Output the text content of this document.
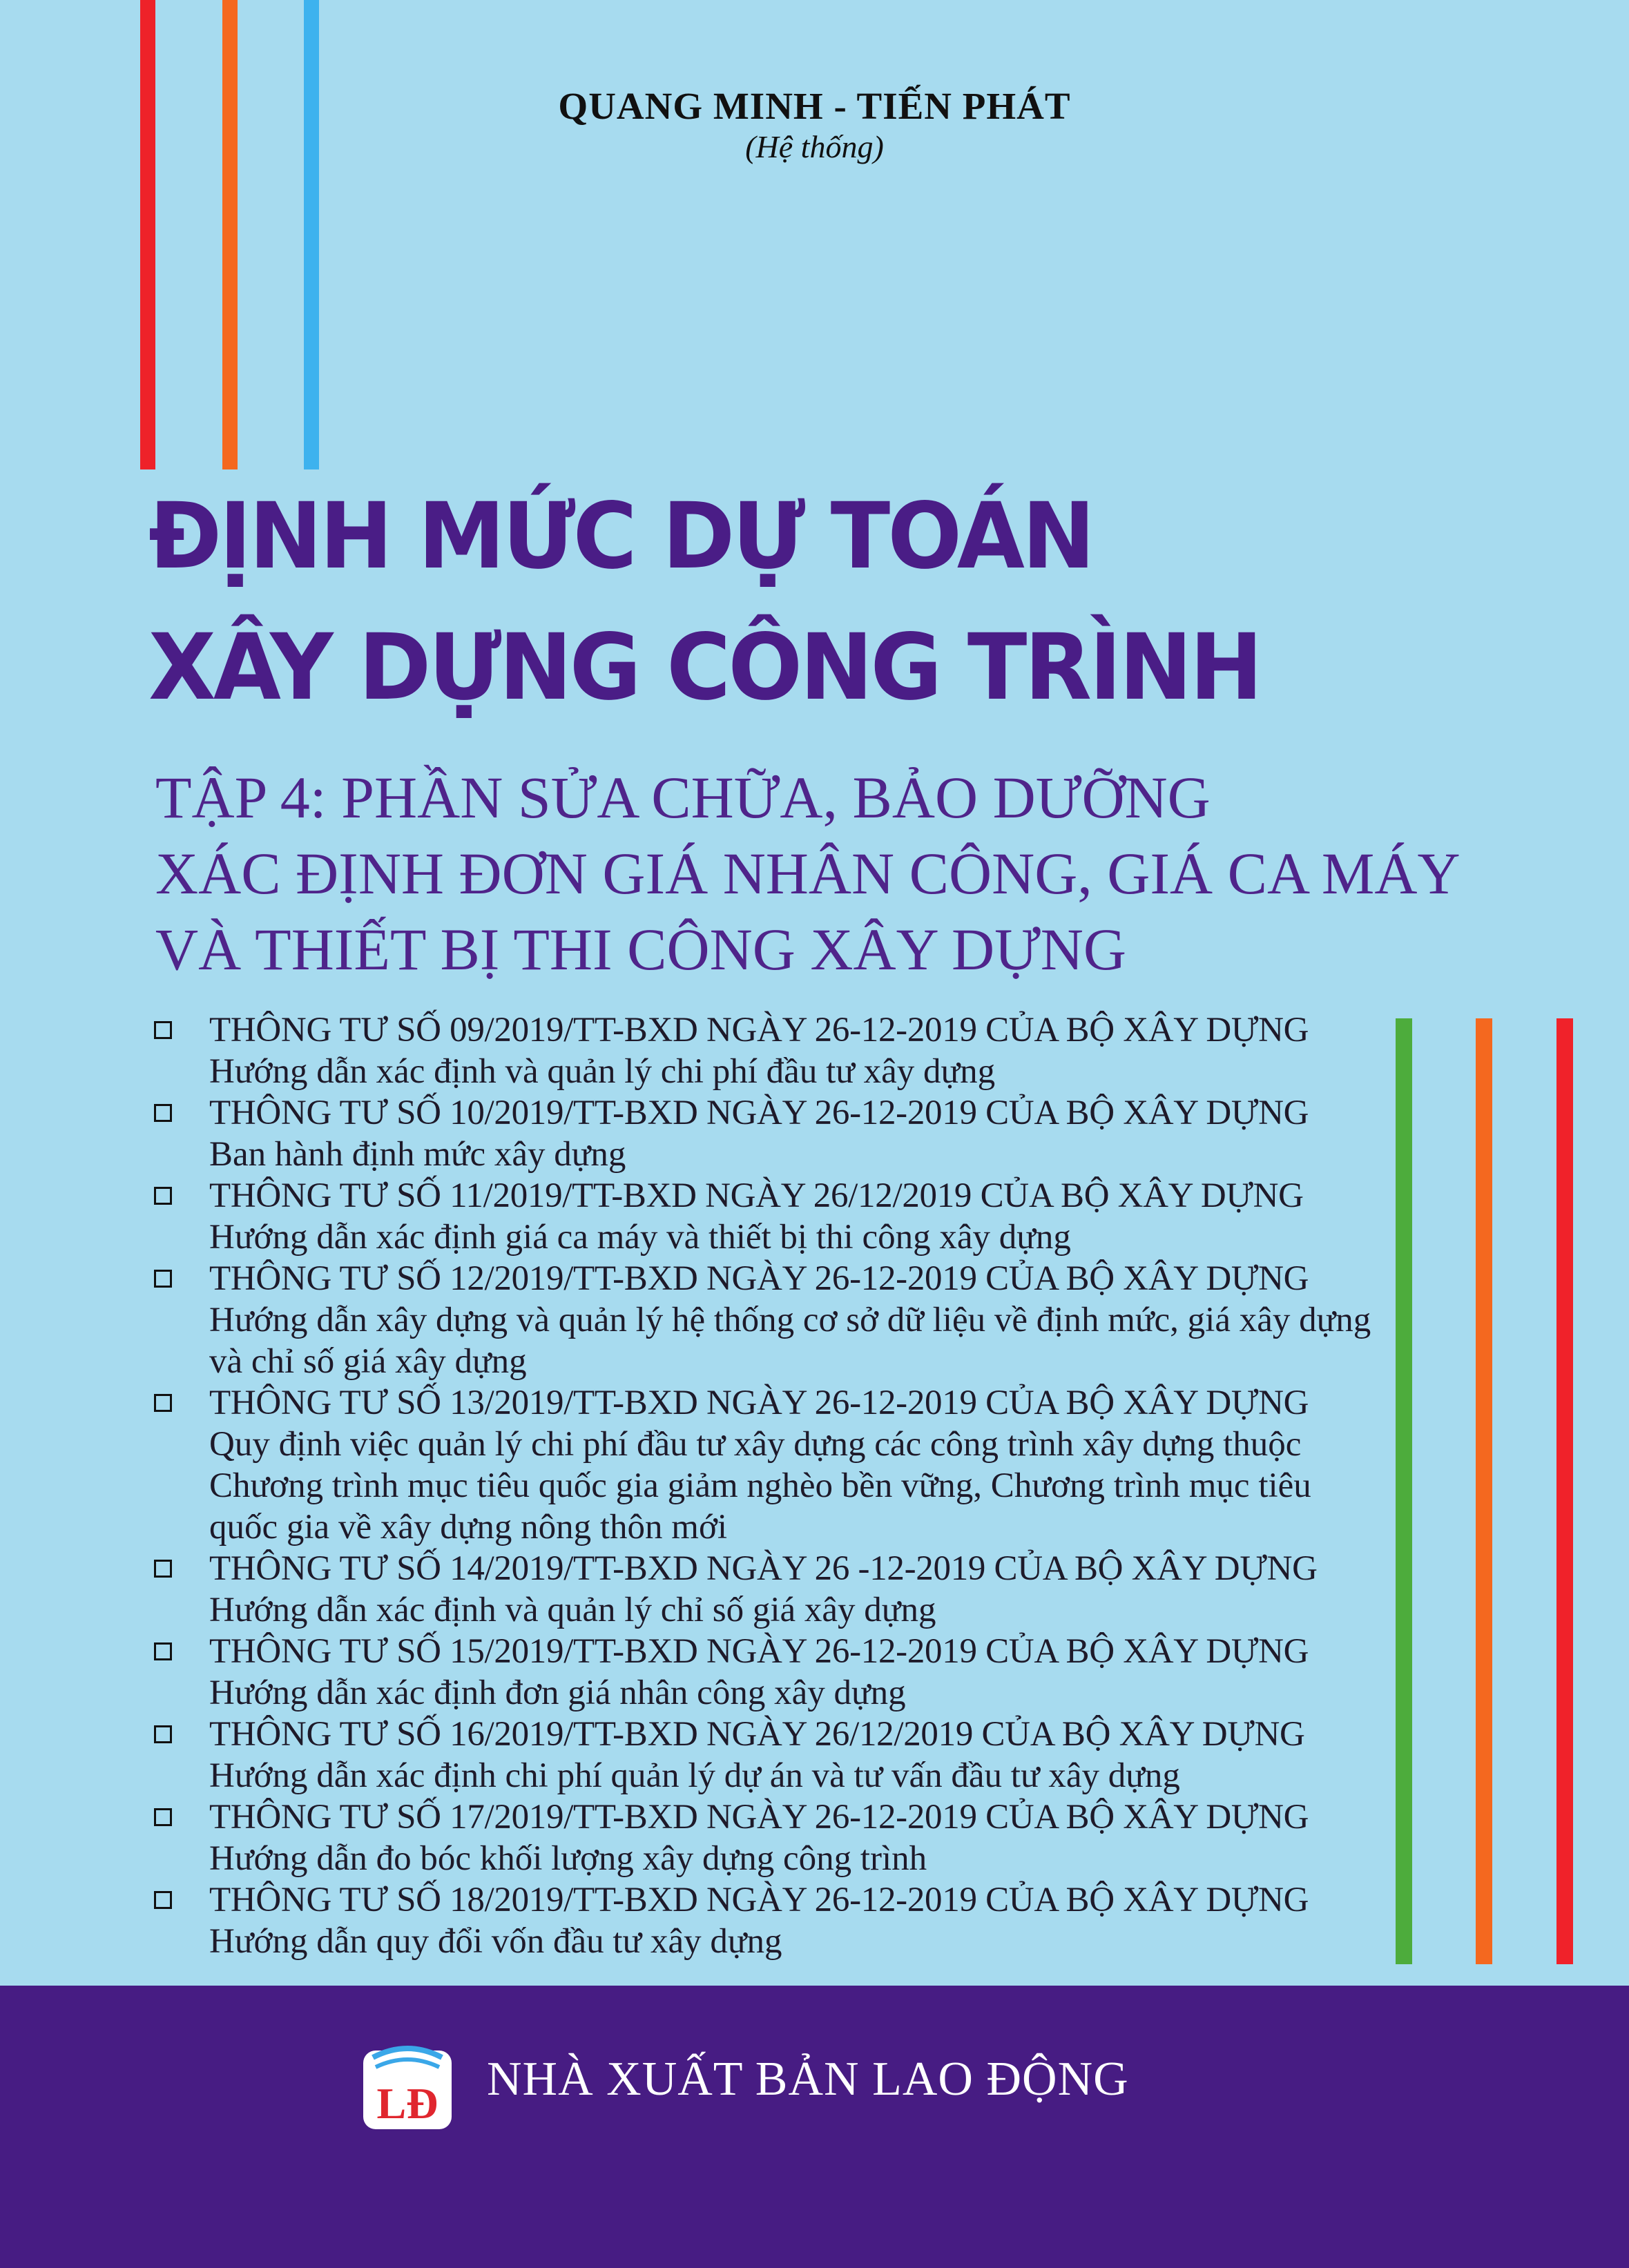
QUANG MINH - TIẾN PHÁT
(Hệ thống)
ĐỊNH MỨC DỰ TOÁN
XÂY DỰNG CÔNG TRÌNH
TẬP 4: PHẦN SỬA CHỮA, BẢO DƯỠNG
XÁC ĐỊNH ĐƠN GIÁ NHÂN CÔNG, GIÁ CA MÁY
VÀ THIẾT BỊ THI CÔNG XÂY DỰNG
THÔNG TƯ SỐ 09/2019/TT-BXD NGÀY 26-12-2019 CỦA BỘ XÂY DỰNG
Hướng dẫn xác định và quản lý chi phí đầu tư xây dựng
THÔNG TƯ SỐ 10/2019/TT-BXD NGÀY 26-12-2019 CỦA BỘ XÂY DỰNG
Ban hành định mức xây dựng
THÔNG TƯ SỐ 11/2019/TT-BXD NGÀY 26/12/2019 CỦA BỘ XÂY DỰNG
Hướng dẫn xác định giá ca máy và thiết bị thi công xây dựng
THÔNG TƯ SỐ 12/2019/TT-BXD NGÀY 26-12-2019 CỦA BỘ XÂY DỰNG
Hướng dẫn xây dựng và quản lý hệ thống cơ sở dữ liệu về định mức, giá xây dựng và chỉ số giá xây dựng
THÔNG TƯ SỐ 13/2019/TT-BXD NGÀY 26-12-2019 CỦA BỘ XÂY DỰNG
Quy định việc quản lý chi phí đầu tư xây dựng các công trình xây dựng thuộc Chương trình mục tiêu quốc gia giảm nghèo bền vững, Chương trình mục tiêu quốc gia về xây dựng nông thôn mới
THÔNG TƯ SỐ 14/2019/TT-BXD NGÀY 26 -12-2019 CỦA BỘ XÂY DỰNG
Hướng dẫn xác định và quản lý chỉ số giá xây dựng
THÔNG TƯ SỐ 15/2019/TT-BXD NGÀY 26-12-2019 CỦA BỘ XÂY DỰNG
Hướng dẫn xác định đơn giá nhân công xây dựng
THÔNG TƯ SỐ 16/2019/TT-BXD NGÀY 26/12/2019 CỦA BỘ XÂY DỰNG
Hướng dẫn xác định chi phí quản lý dự án và tư vấn đầu tư xây dựng
THÔNG TƯ SỐ 17/2019/TT-BXD NGÀY 26-12-2019 CỦA BỘ XÂY DỰNG
Hướng dẫn đo bóc khối lượng xây dựng công trình
THÔNG TƯ SỐ 18/2019/TT-BXD NGÀY 26-12-2019 CỦA BỘ XÂY DỰNG
Hướng dẫn quy đổi vốn đầu tư xây dựng
LĐ NHÀ XUẤT BẢN LAO ĐỘNG
